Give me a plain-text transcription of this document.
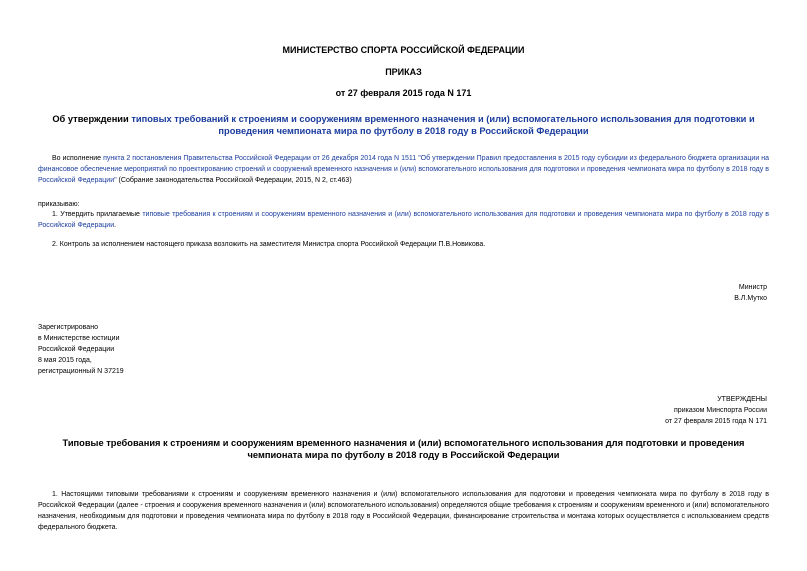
МИНИСТЕРСТВО СПОРТА РОССИЙСКОЙ ФЕДЕРАЦИИ
ПРИКАЗ
от 27 февраля 2015 года N 171
Об утверждении типовых требований к строениям и сооружениям временного назначения и (или) вспомогательного использования для подготовки и проведения чемпионата мира по футболу в 2018 году в Российской Федерации
Во исполнение пункта 2 постановления Правительства Российской Федерации от 26 декабря 2014 года N 1511 "Об утверждении Правил предоставления в 2015 году субсидии из федерального бюджета организации на финансовое обеспечение мероприятий по проектированию строений и сооружений временного назначения и (или) вспомогательного использования для подготовки и проведения чемпионата мира по футболу в 2018 году в Российской Федерации" (Собрание законодательства Российской Федерации, 2015, N 2, ст.463)
приказываю:
1. Утвердить прилагаемые типовые требования к строениям и сооружениям временного назначения и (или) вспомогательного использования для подготовки и проведения чемпионата мира по футболу в 2018 году в Российской Федерации.
2. Контроль за исполнением настоящего приказа возложить на заместителя Министра спорта Российской Федерации П.В.Новикова.
Министр
В.Л.Мутко
Зарегистрировано
в Министерстве юстиции
Российской Федерации
8 мая 2015 года,
регистрационный N 37219
УТВЕРЖДЕНЫ
приказом Минспорта России
от 27 февраля 2015 года N 171
Типовые требования к строениям и сооружениям временного назначения и (или) вспомогательного использования для подготовки и проведения чемпионата мира по футболу в 2018 году в Российской Федерации
1. Настоящими типовыми требованиями к строениям и сооружениям временного назначения и (или) вспомогательного использования для подготовки и проведения чемпионата мира по футболу в 2018 году в Российской Федерации (далее - строения и сооружения временного назначения и (или) вспомогательного использования) определяются общие требования к строениям и сооружениям временного и (или) вспомогательного назначения, необходимым для подготовки и проведения чемпионата мира по футболу в 2018 году в Российской Федерации, финансирование строительства и монтажа которых осуществляется с использованием средств федерального бюджета.
